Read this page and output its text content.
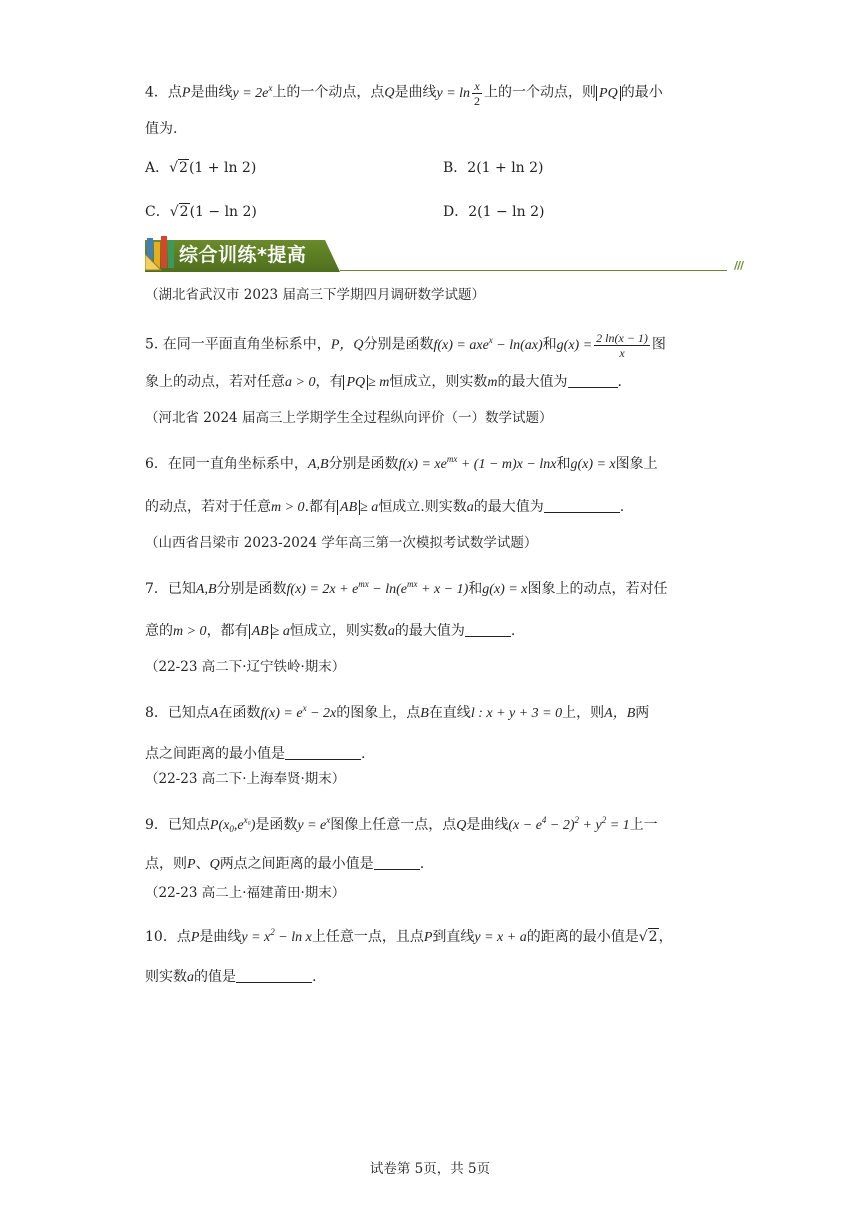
4．点P是曲线$y = 2e^x$上的一个动点，点Q是曲线$y = \ln \frac{x}{2}$ 上的一个动点，则 PQ 的最小
值为.
A．√2(1 + ln 2)	B．2(1 + ln 2)
C．√2(1 − ln 2)	D．2(1 − ln 2)
综合训练*提高	///
（湖北省武汉市 2023 届高三下学期四月调研数学试题）
5. 在同一平面直角坐标系中，P，Q分别是函数f(x) = axe$^x$ − ln(ax)和$g(x) = \frac{2 \ln(x - 1)}{x}$ 图
象上的动点，若对任意a > 0，有 PQ ≥ m恒成立，则实数m的最大值为	.
（河北省 2024 届高三上学期学生全过程纵向评价（一）数学试题）
6．在同一直角坐标系中，A,B分别是函数$f(x) = xe^{mx} + (1 - m)x - \ln x$和g(x) = x图象上
的动点，若对于任意m > 0.都有 AB ≥ a恒成立.则实数a的最大值为	.
（山西省吕梁市 2023-2024 学年高三第一次模拟考试数学试题）
7．已知A,B分别是函数$f(x) = 2x + e^{mx} - \ln(e^{mx} + x - 1)$和g(x) = x图象上的动点，若对任
意的m > 0，都有 AB ≥ a恒成立，则实数a的最大值为	.
（22-23 高二下·辽宁铁岭·期末）
8．已知点A在函数$f(x) = e^x - 2x$的图象上，点B在直线l : x + y + 3 = 0上，则A，B两
点之间距离的最小值是	.
（22-23 高二下·上海奉贤·期末）
9．已知点$P(x_0,e^{x_0})$是函数$y = e^x$图像上任意一点，点Q是曲线$(x - e^4 - 2)^2 + y^2 = 1$上一
点，则P、Q两点之间距离的最小值是	.
（22-23 高二上·福建莆田·期末）
10．点P是曲线$y = x^2 - \ln x$上任意一点，且点P到直线y = x + a的距离的最小值是√2，
则实数a的值是	.
试卷第 5页，共 5页
